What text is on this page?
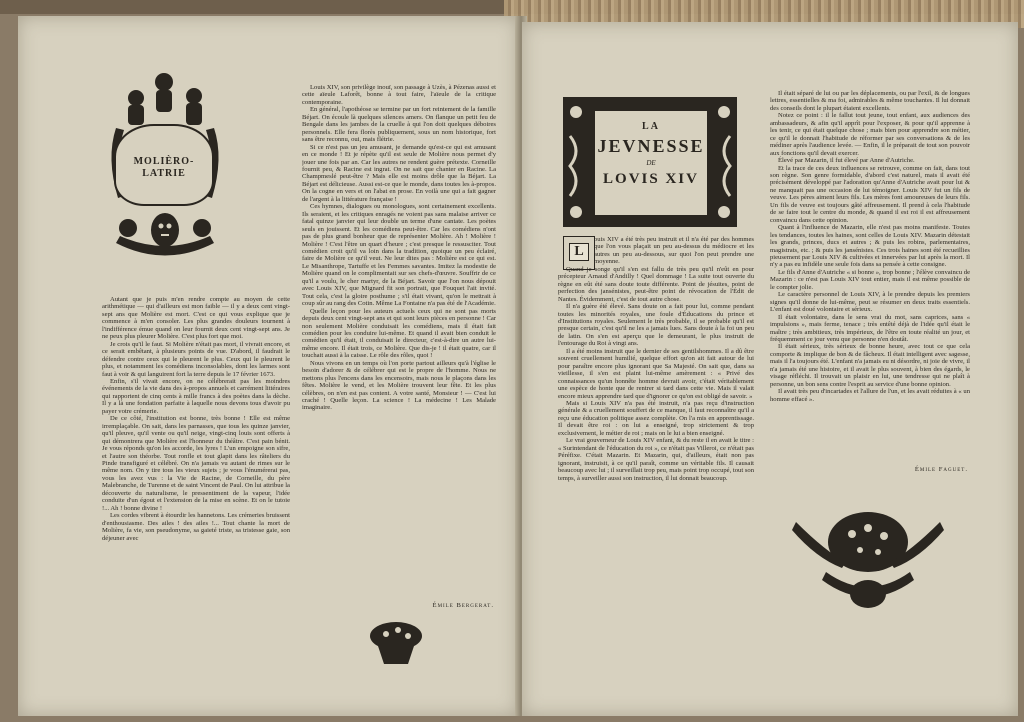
MOLIÈRO-
LATRIE

Autant que je puis m'en rendre compte au moyen de cette arithmétique — qui d'ailleurs est mon faible — il y a deux cent vingt-sept ans que Molière est mort. C'est ce qui vous explique que je commence à m'en consoler. Les plus grandes douleurs tournent à l'indifférence émue quand on leur fournit deux cent vingt-sept ans. Je ne peux plus pleurer Molière. C'est plus fort que moi.

Je crois qu'il le faut. Si Molière n'était pas mort, il vivrait encore, et ce serait embêtant, à plusieurs points de vue. D'abord, il faudrait le défendre contre ceux qui le pleurent le plus. Ceux qui le pleurent le plus, et notamment les comédiens inconsolables, dont les larmes sont faut à voir & qui languirent fort la terre depuis le 17 février 1673.

Enfin, s'il vivait encore, on ne célébrerait pas les moindres événements de la vie dans des à-propos annuels et carrément littéraires qui rapportent de cinq cents à mille francs à des poètes dans la dèche. Il y a là une fondation parfaite à laquelle nous devons tous d'avoir pu payer votre crémerie.

De ce côté, l'institution est bonne, très bonne ! Elle est même irremplaçable. On sait, dans les parnasses, que tous les quinze janvier, qu'il pleuve, qu'il vente ou qu'il neige, vingt-cinq louis sont offerts à qui démontrera que Molière est l'honneur du théâtre. C'est pain bénit. Je vous réponds qu'on les accorde, les lyres ! L'un empoigne son sifre, et l'autre son théorbe. Tout ronfle et tout glapit dans les râteliers du Pinde transfiguré et célébré. On n'a jamais vu autant de rimes sur le même nom. On y tire tous les vieux sujets ; je vous l'énumérerai pas, vous les avez vus : la Vie de Racine, de Corneille, du père Malebranche, de Turenne et de saint Vincent de Paul. On lui attribue la découverte du naturalisme, le pressentiment de la vapeur, l'idée conduite d'un égout et l'extension de la mise en scène. Et on le tutoie !... Ah ! bonne divine !

Les cordes vibrent à étourdir les hannetons. Les crémeries bruissent d'enthousiasme. Des ailes ! des ailes !... Tout chante la mort de Molière, fa vie, son pseudonyme, sa gaieté triste, sa tristesse gaie, son déjeuner avec

Louis XIV, son privilège inouï, son passage à Uzès, à Pézenas aussi et cette aïeule Laforêt, bonne à tout faire, l'aïeule de la critique contemporaine.

En général, l'apothéose se termine par un fort reintement de la famille Béjart. On écoule là quelques silences amers. On flanque un petit feu de Bengale dans les jambes de la cruelle à qui l'on doit quelques déboires personnels. Elle fera florès publiquement, sous un nom historique, fort sans être reconnu, oui, mais flétrie.

Si ce n'est pas un jeu amusant, je demande qu'est-ce qui est amusant en ce monde ! Et je répète qu'il est seule de Molière nous permet d'y jouer une fois par an. Car les autres ne rendent guère prétexte. Corneille fournit peu, & Racine est ingrat. On ne sait que chanter en Racine. La Champmeslé peut-être ? Mais elle est moins drôle que la Béjart. La Béjart est délicieuse. Aussi est-ce que le monde, dans toutes les à-propos. On la cogne en vers et on l'abat en prose. En voilà une qui a fait gagner de l'argent à la littérature française !

Ces hymnes, dialogues ou monologues, sont certainement excellents. Ils seraient, et les critiques enragés ne voient pas sans malaise arriver ce fatal quinze janvier qui leur double un terme d'une cantate. Les poètes seuls en jouissent. Et les comédiens peut-être. Car les comédiens n'ont pas de plus grand bonheur que de représenter Molière. Ah ! Molière ! Molière ! C'est l'être un quart d'heure ; c'est presque le ressusciter. Tout comédien croit qu'il va loin dans la tradition, quoique un peu éclairé, faire de Molière ce qu'il veut. Ne leur dites pas : Molière est ce qui est. Le Misanthrope, Tartuffe et les Femmes savantes. Imitez la modestie de Molière quand on le complimentait sur ses chefs-d'œuvre. Souffrir de ce qu'il a voulu, le cher martyr, de la Béjart. Savoir que l'on nous dépouit avec Louis XIV, que Mignard fit son portrait, que Fouquet l'ait invité. Tout cela, c'est la gloire posthume ; s'il était vivant, qu'on le mettrait à coup sûr au rang des Cotin. Même La Fontaine n'a pas été de l'Académie.

Quelle leçon pour les auteurs actuels ceux qui ne sont pas morts depuis deux cent vingt-sept ans et qui sont leurs pièces en personne ! Car non seulement Molière conduisait les comédiens, mais il était fait comédien pour les conduire lui-même. Et quand il avait bien conduit le comédien qu'il était, il conduisait le directeur, c'est-à-dire un autre lui-même encore. Il était trois, ce Molière. Que dis-je ! il était quatre, car il touchait aussi à la caisse. Le rôle des rôles, quoi !

Nous vivons en un temps où l'on porte partout ailleurs qu'à l'église le besoin d'adorer & de célébrer qui est le propre de l'homme. Nous ne mettons plus l'encens dans les encensoirs, mais nous le plaçons dans les fêtes. Molière le vend, et les Molière trouvent leur fête. Et les plus célèbres, on n'en est pas content. A votre santé, Monsieur ! — C'est lui craché ! Quelle leçon. La science ! La médecine ! Les Malade imaginaire.

Émile Bergerat.
LA
JEVNESSE
DE
LOVIS XIV
L

ouis XIV a été très peu instruit et il n'a été par des hommes que l'on vous plaçait un peu au-dessus du médiocre et les autres un peu au-dessous, sur quoi l'on peut prendre une moyenne.

Quand je songe qu'il s'en est fallu de très peu qu'il n'eût en pour précepteur Arnaud d'Andilly ! Quel dommage ! La suite tout ouverte du règne en eût été sans doute toute différente. Point de jésuites, point de perfection des jansénistes, peut-être point de révocation de l'Édit de Nantes. Évidemment, c'est de tout autre chose.

Il n'a guère été élevé. Sans doute on a fait pour lui, comme pendant toutes les minorités royales, une foule d'Éducations du prince et d'Institutions royales. Seulement le très probable, il se probable qu'il est presque certain, c'est qu'il ne les a jamais lues. Sans doute à la foi un peu de latin. On s'en est aperçu que le demeurant, le plus instruit de l'entourage du Roi à vingt ans.

Il a été moins instruit que le dernier de ses gentilshommes. Il a dû être souvent cruellement humilié, quelque effort qu'on ait fait autour de lui pour paraître encore plus ignorant que Sa Majesté. On sait que, dans sa vieillesse, il s'en est plaint lui-même amèrement : « Privé des connaissances qu'un honnête homme devrait avoir, c'était véritablement une espèce de honte que de rentrer si tard dans cette vie. Mais il valait encore mieux apprendre tard que d'ignorer ce qu'on est obligé de savoir. »

Mais si Louis XIV n'a pas été instruit, n'a pas reçu d'instruction générale & a cruellement souffert de ce manque, il faut reconnaître qu'il a reçu une éducation politique assez complète. On l'a mis en apprentissage. Il devait être roi : on lui a enseigné, trop strictement & trop exclusivement, le métier de roi ; mais on le lui a bien enseigné.

Le vrai gouverneur de Louis XIV enfant, & du reste il en avait le titre : « Surintendant de l'éducation du roi », ce n'était pas Villeroi, ce n'était pas Péréfixe. C'était Mazarin. Et Mazarin, qui, d'ailleurs, était non pas ignorant, instruisit, à ce qu'il paraît, comme un véritable fils. Il causait beaucoup avec lui ; il surveillait trop peu, mais point trop occupé, tout son temps, à surveiller aussi son instruction, il lui donnait beaucoup.

Il était séparé de lui ou par les déplacements, ou par l'exil, & de longues lettres, essentielles & ma foi, admirables & même touchantes. Il lui donnait des conseils dont le plupart étaient excellents.

Notez ce point : il le fallut tout jeune, tout enfant, aux audiences des ambassadeurs, & afin qu'il apprît pour l'exposer, & pour qu'il apprenne à les tenir, ce qui était quelque chose ; mais bien pour apprendre son métier, ce qu'il le donnait l'habitude de réformer par ses conversations & de les médiner après l'audience levée. — Enfin, il le préparait de tout son pouvoir aux fonctions qu'il devait exercer.

Élevé par Mazarin, il fut élevé par Anne d'Autriche.

Et la trace de ces deux influences se retrouve, comme on fait, dans tout son règne. Son genre formidable, d'abord c'est naturel, mais il avait été précisément développé par l'adoration qu'Anne d'Autriche avait pour lui & ne manquait pas une occasion de lui témoigner. Louis XIV fut un fils de veuve. Les pères aiment leurs fils. Les mères font amoureuses de leurs fils. Un fils de veuve est toujours gâté affreusement. Il prend à cela l'habitude de se faire tout le centre du monde, & quand il est roi il est affreusement convaincu dans cette opinion.

Quant à l'influence de Mazarin, elle n'est pas moins manifeste. Toutes les tendances, toutes les haines, sont celles de Louis XIV. Mazarin détestait les grands, princes, ducs et autres ; & puis les robins, parlementaires, magistrats, etc. ; & puis les jansénistes. Ces trois haines sont été recueillies pieusement par Louis XIV & cultivées et innervées par lui après la mort. Il n'y a pas eu infidèle une seule fois dans sa pensée à cette consigne.

Le fils d'Anne d'Autriche « si bonne », trop bonne ; l'élève convaincu de Mazarin : ce n'est pas Louis XIV tout entier, mais il est même possible de le compter jolie.

Le caractère personnel de Louis XIV, à le prendre depuis les premiers signes qu'il donne de lui-même, peut se résumer en deux traits essentiels. L'enfant est doué volontaire et sérieux.

Il était volontaire, dans le sens vrai du mot, sans caprices, sans « impulsions », mais ferme, tenace ; très entêté déjà de l'idée qu'il était le maître ; très ambitieux, très impérieux, de l'être en toute réalité un jour, et fréquemment ce jour venu que personne n'en doutât.

Il était sérieux, très sérieux de bonne heure, avec tout ce que cela comporte & implique de bon & de fâcheux. Il était intelligent avec sagesse, mais il l'a toujours été. L'enfant n'a jamais eu ni désordre, ni joie de vivre, il n'a jamais été une histoire, et il avait le plus souvent, à bien des égards, le visage réfléchi. Il trouvait un plaisir en lui, une tendresse qui ne plaît à personne, un bon sens contre l'esprit au service d'une bonne opinion.

Il avait très peu d'incartades et l'allure de l'un, et les avait réduites à « un homme effacé ».

Émile Faguet.
